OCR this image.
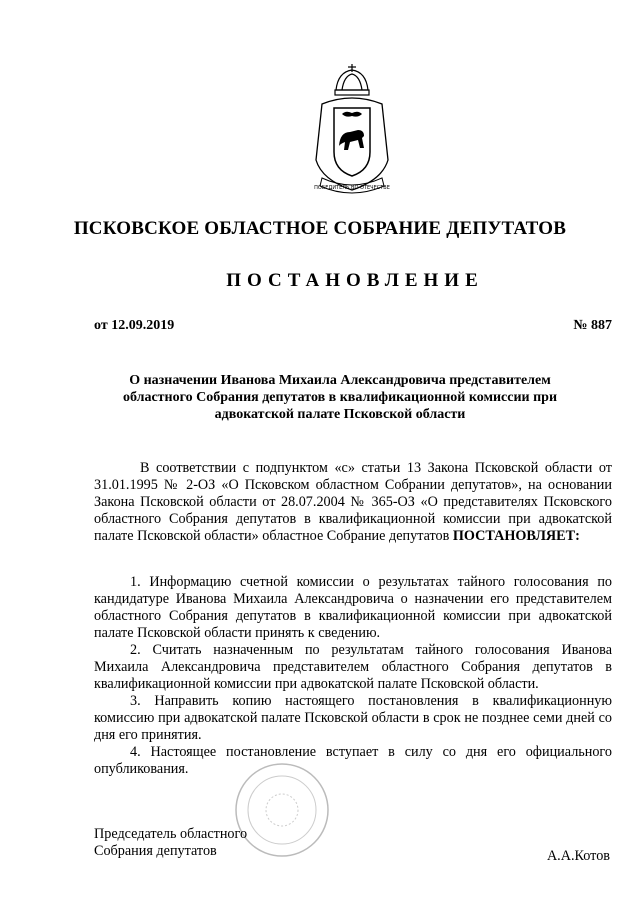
ПОБЕДИТЕЛЬ ВО ОТЕЧЕСТВЕ
ПСКОВСКОЕ ОБЛАСТНОЕ СОБРАНИЕ ДЕПУТАТОВ
ПОСТАНОВЛЕНИЕ
от 12.09.2019	№ 887
О назначении Иванова Михаила Александровича представителем областного Собрания депутатов в квалификационной комиссии при адвокатской палате Псковской области
В соответствии с подпунктом «с» статьи 13 Закона Псковской области от 31.01.1995 № 2-ОЗ «О Псковском областном Собрании депутатов», на основании Закона Псковской области от 28.07.2004 № 365-ОЗ «О представителях Псковского областного Собрания депутатов в квалификационной комиссии при адвокатской палате Псковской области» областное Собрание депутатов ПОСТАНОВЛЯЕТ:

1. Информацию счетной комиссии о результатах тайного голосования по кандидатуре Иванова Михаила Александровича о назначении его представителем областного Собрания депутатов в квалификационной комиссии при адвокатской палате Псковской области принять к сведению.

2. Считать назначенным по результатам тайного голосования Иванова Михаила Александровича представителем областного Собрания депутатов в квалификационной комиссии при адвокатской палате Псковской области.

3. Направить копию настоящего постановления в квалификационную комиссию при адвокатской палате Псковской области в срок не позднее семи дней со дня его принятия.

4. Настоящее постановление вступает в силу со дня его официального опубликования.

Председатель областного
Собрания депутатов	А.А.Котов
